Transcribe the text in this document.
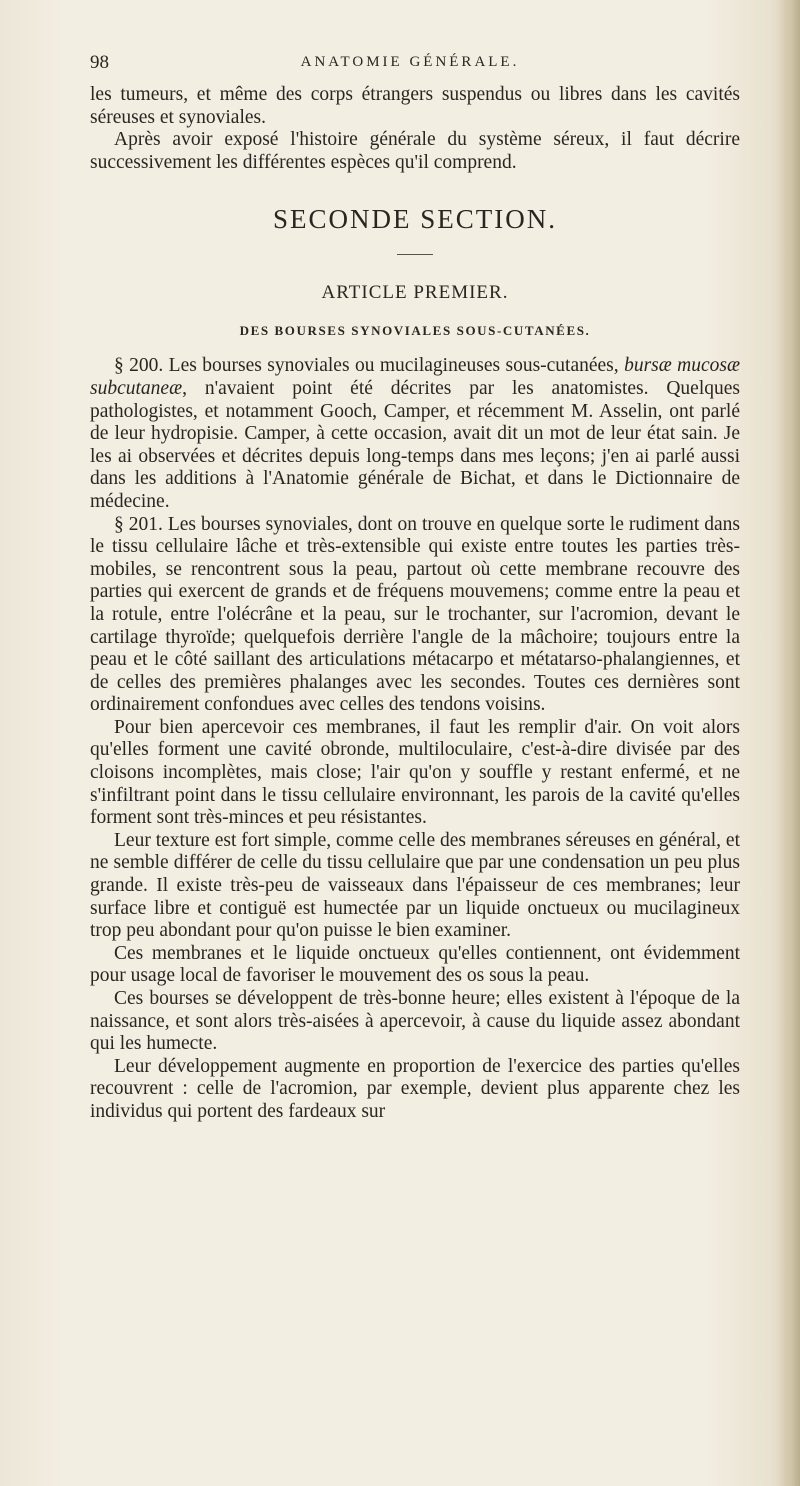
98	ANATOMIE GÉNÉRALE.

les tumeurs, et même des corps étrangers suspendus ou libres dans les cavités séreuses et synoviales.

Après avoir exposé l'histoire générale du système séreux, il faut décrire successivement les différentes espèces qu'il comprend.

SECONDE SECTION.
ARTICLE PREMIER.
DES BOURSES SYNOVIALES SOUS-CUTANÉES.

§ 200. Les bourses synoviales ou mucilagineuses sous-cutanées, bursæ mucosæ subcutaneæ, n'avaient point été décrites par les anatomistes. Quelques pathologistes, et notamment Gooch, Camper, et récemment M. Asselin, ont parlé de leur hydropisie. Camper, à cette occasion, avait dit un mot de leur état sain. Je les ai observées et décrites depuis long-temps dans mes leçons; j'en ai parlé aussi dans les additions à l'Anatomie générale de Bichat, et dans le Dictionnaire de médecine.

§ 201. Les bourses synoviales, dont on trouve en quelque sorte le rudiment dans le tissu cellulaire lâche et très-extensible qui existe entre toutes les parties très-mobiles, se rencontrent sous la peau, partout où cette membrane recouvre des parties qui exercent de grands et de fréquens mouvemens; comme entre la peau et la rotule, entre l'olécrâne et la peau, sur le trochanter, sur l'acromion, devant le cartilage thyroïde; quelquefois derrière l'angle de la mâchoire; toujours entre la peau et le côté saillant des articulations métacarpo et métatarso-phalangiennes, et de celles des premières phalanges avec les secondes. Toutes ces dernières sont ordinairement confondues avec celles des tendons voisins.

Pour bien apercevoir ces membranes, il faut les remplir d'air. On voit alors qu'elles forment une cavité obronde, multiloculaire, c'est-à-dire divisée par des cloisons incomplètes, mais close; l'air qu'on y souffle y restant enfermé, et ne s'infiltrant point dans le tissu cellulaire environnant, les parois de la cavité qu'elles forment sont très-minces et peu résistantes.

Leur texture est fort simple, comme celle des membranes séreuses en général, et ne semble différer de celle du tissu cellulaire que par une condensation un peu plus grande. Il existe très-peu de vaisseaux dans l'épaisseur de ces membranes; leur surface libre et contiguë est humectée par un liquide onctueux ou mucilagineux trop peu abondant pour qu'on puisse le bien examiner.

Ces membranes et le liquide onctueux qu'elles contiennent, ont évidemment pour usage local de favoriser le mouvement des os sous la peau.

Ces bourses se développent de très-bonne heure; elles existent à l'époque de la naissance, et sont alors très-aisées à apercevoir, à cause du liquide assez abondant qui les humecte.

Leur développement augmente en proportion de l'exercice des parties qu'elles recouvrent : celle de l'acromion, par exemple, devient plus apparente chez les individus qui portent des fardeaux sur
